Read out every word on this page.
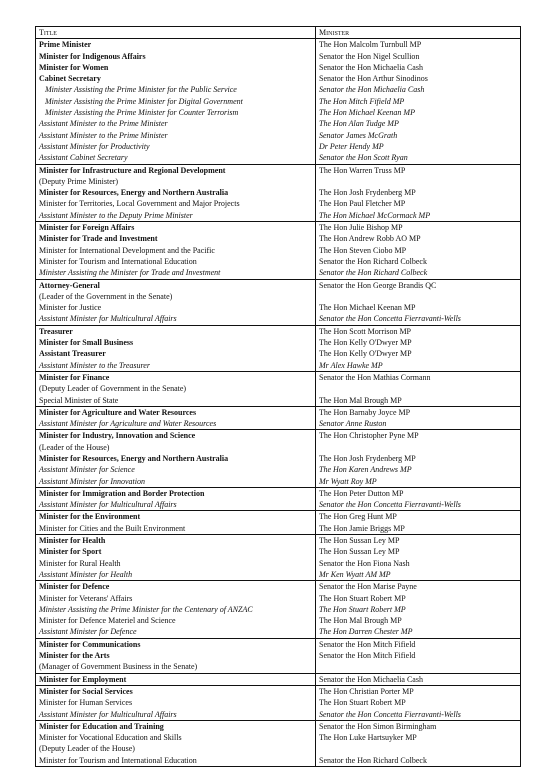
Title	Minister
Prime Minister	The Hon Malcolm Turnbull MP
Minister for Indigenous Affairs	Senator the Hon Nigel Scullion
Minister for Women	Senator the Hon Michaelia Cash
Cabinet Secretary	Senator the Hon Arthur Sinodinos
Minister Assisting the Prime Minister for the Public Service	Senator the Hon Michaelia Cash
Minister Assisting the Prime Minister for Digital Government	The Hon Mitch Fifield MP
Minister Assisting the Prime Minister for Counter Terrorism	The Hon Michael Keenan MP
Assistant Minister to the Prime Minister	The Hon Alan Tudge MP
Assistant Minister to the Prime Minister	Senator James McGrath
Assistant Minister for Productivity	Dr Peter Hendy MP
Assistant Cabinet Secretary	Senator the Hon Scott Ryan
Minister for Infrastructure and Regional Development	The Hon Warren Truss MP
(Deputy Prime Minister)	
Minister for Resources, Energy and Northern Australia	The Hon Josh Frydenberg MP
Minister for Territories, Local Government and Major Projects	The Hon Paul Fletcher MP
Assistant Minister to the Deputy Prime Minister	The Hon Michael McCormack MP
Minister for Foreign Affairs	The Hon Julie Bishop MP
Minister for Trade and Investment	The Hon Andrew Robb AO MP
Minister for International Development and the Pacific	The Hon Steven Ciobo MP
Minister for Tourism and International Education	Senator the Hon Richard Colbeck
Minister Assisting the Minister for Trade and Investment	Senator the Hon Richard Colbeck
Attorney-General	Senator the Hon George Brandis QC
(Leader of the Government in the Senate)	
Minister for Justice	The Hon Michael Keenan MP
Assistant Minister for Multicultural Affairs	Senator the Hon Concetta Fierravanti-Wells
Treasurer	The Hon Scott Morrison MP
Minister for Small Business	The Hon Kelly O'Dwyer MP
Assistant Treasurer	The Hon Kelly O'Dwyer MP
Assistant Minister to the Treasurer	Mr Alex Hawke MP
Minister for Finance	Senator the Hon Mathias Cormann
(Deputy Leader of Government in the Senate)	
Special Minister of State	The Hon Mal Brough MP
Minister for Agriculture and Water Resources	The Hon Barnaby Joyce MP
Assistant Minister for Agriculture and Water Resources	Senator Anne Ruston
Minister for Industry, Innovation and Science	The Hon Christopher Pyne MP
(Leader of the House)	
Minister for Resources, Energy and Northern Australia	The Hon Josh Frydenberg MP
Assistant Minister for Science	The Hon Karen Andrews MP
Assistant Minister for Innovation	Mr Wyatt Roy MP
Minister for Immigration and Border Protection	The Hon Peter Dutton MP
Assistant Minister for Multicultural Affairs	Senator the Hon Concetta Fierravanti-Wells
Minister for the Environment	The Hon Greg Hunt MP
Minister for Cities and the Built Environment	The Hon Jamie Briggs MP
Minister for Health	The Hon Sussan Ley MP
Minister for Sport	The Hon Sussan Ley MP
Minister for Rural Health	Senator the Hon Fiona Nash
Assistant Minister for Health	Mr Ken Wyatt AM MP
Minister for Defence	Senator the Hon Marise Payne
Minister for Veterans' Affairs	The Hon Stuart Robert MP
Minister Assisting the Prime Minister for the Centenary of ANZAC	The Hon Stuart Robert MP
Minister for Defence Materiel and Science	The Hon Mal Brough MP
Assistant Minister for Defence	The Hon Darren Chester MP
Minister for Communications	Senator the Hon Mitch Fifield
Minister for the Arts	Senator the Hon Mitch Fifield
(Manager of Government Business in the Senate)	
Minister for Employment	Senator the Hon Michaelia Cash
Minister for Social Services	The Hon Christian Porter MP
Minister for Human Services	The Hon Stuart Robert MP
Assistant Minister for Multicultural Affairs	Senator the Hon Concetta Fierravanti-Wells
Minister for Education and Training	Senator the Hon Simon Birmingham
Minister for Vocational Education and Skills	The Hon Luke Hartsuyker MP
(Deputy Leader of the House)	
Minister for Tourism and International Education	Senator the Hon Richard Colbeck
